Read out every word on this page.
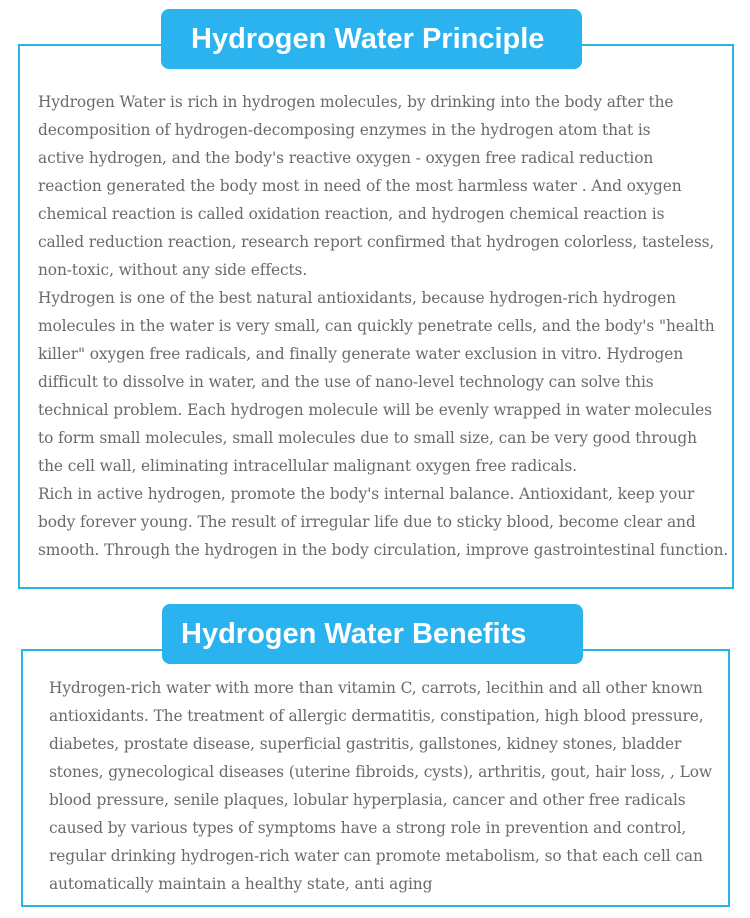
Hydrogen Water Principle
Hydrogen Water is rich in hydrogen molecules, by drinking into the body after the
decomposition of hydrogen-decomposing enzymes in the hydrogen atom that is
active hydrogen, and the body's reactive oxygen - oxygen free radical reduction
reaction generated the body most in need of the most harmless water . And oxygen
chemical reaction is called oxidation reaction, and hydrogen chemical reaction is
called reduction reaction, research report confirmed that hydrogen colorless, tasteless,
non-toxic, without any side effects.
Hydrogen is one of the best natural antioxidants, because hydrogen-rich hydrogen
molecules in the water is very small, can quickly penetrate cells, and the body's "health
killer" oxygen free radicals, and finally generate water exclusion in vitro. Hydrogen
difficult to dissolve in water, and the use of nano-level technology can solve this
technical problem. Each hydrogen molecule will be evenly wrapped in water molecules
to form small molecules, small molecules due to small size, can be very good through
the cell wall, eliminating intracellular malignant oxygen free radicals.
Rich in active hydrogen, promote the body's internal balance. Antioxidant, keep your
body forever young. The result of irregular life due to sticky blood, become clear and
smooth. Through the hydrogen in the body circulation, improve gastrointestinal function.
Hydrogen Water Benefits
Hydrogen-rich water with more than vitamin C, carrots, lecithin and all other known
antioxidants. The treatment of allergic dermatitis, constipation, high blood pressure,
diabetes, prostate disease, superficial gastritis, gallstones, kidney stones, bladder
stones, gynecological diseases (uterine fibroids, cysts), arthritis, gout, hair loss, , Low
blood pressure, senile plaques, lobular hyperplasia, cancer and other free radicals
caused by various types of symptoms have a strong role in prevention and control,
regular drinking hydrogen-rich water can promote metabolism, so that each cell can
automatically maintain a healthy state, anti aging
